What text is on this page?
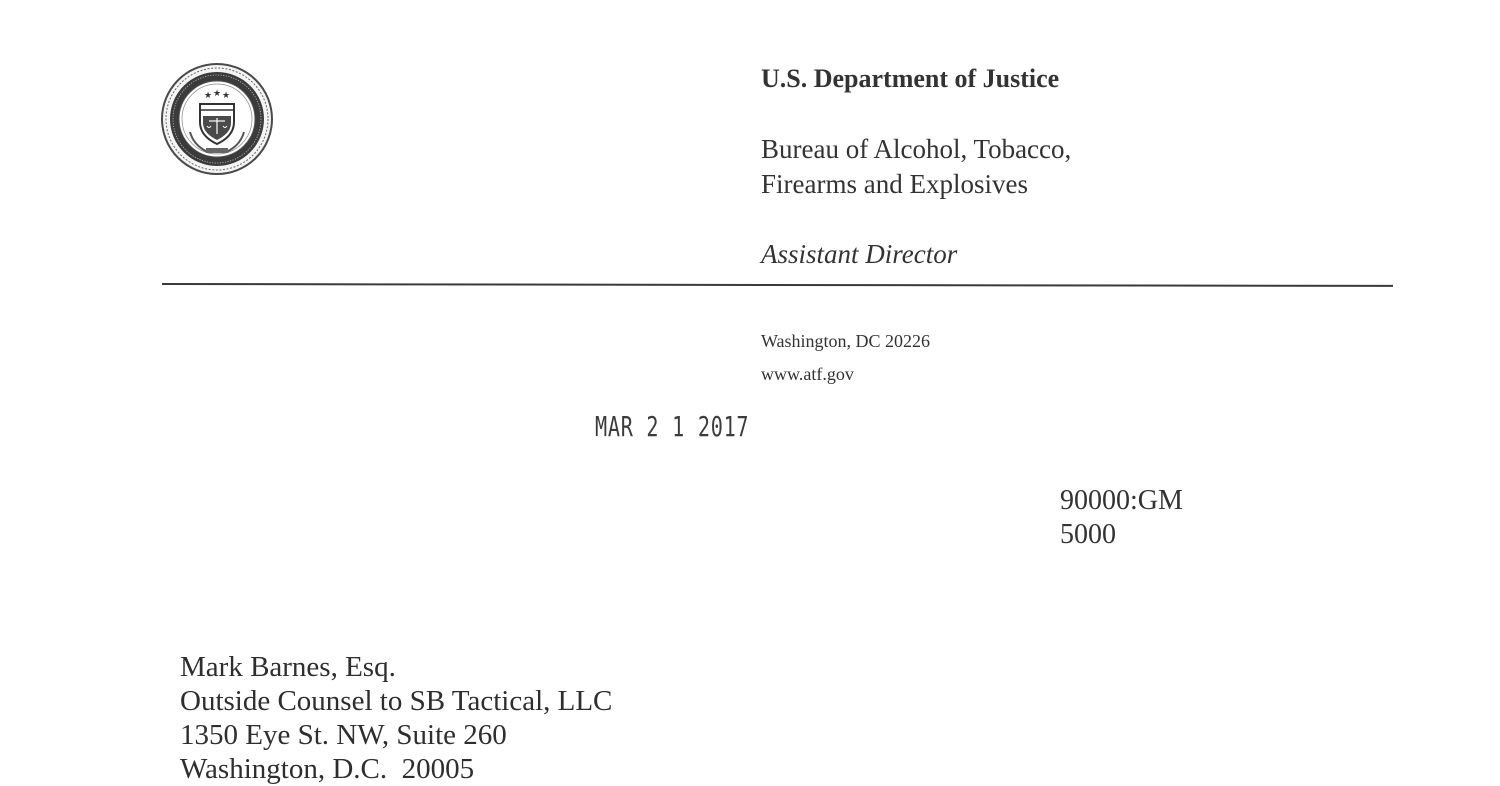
★ ★ ★
U.S. Department of Justice
Bureau of Alcohol, Tobacco,
Firearms and Explosives
Assistant Director
Washington, DC 20226
www.atf.gov
MAR 2 1 2017
90000:GM
5000
Mark Barnes, Esq.
Outside Counsel to SB Tactical, LLC
1350 Eye St. NW, Suite 260
Washington, D.C.  20005
